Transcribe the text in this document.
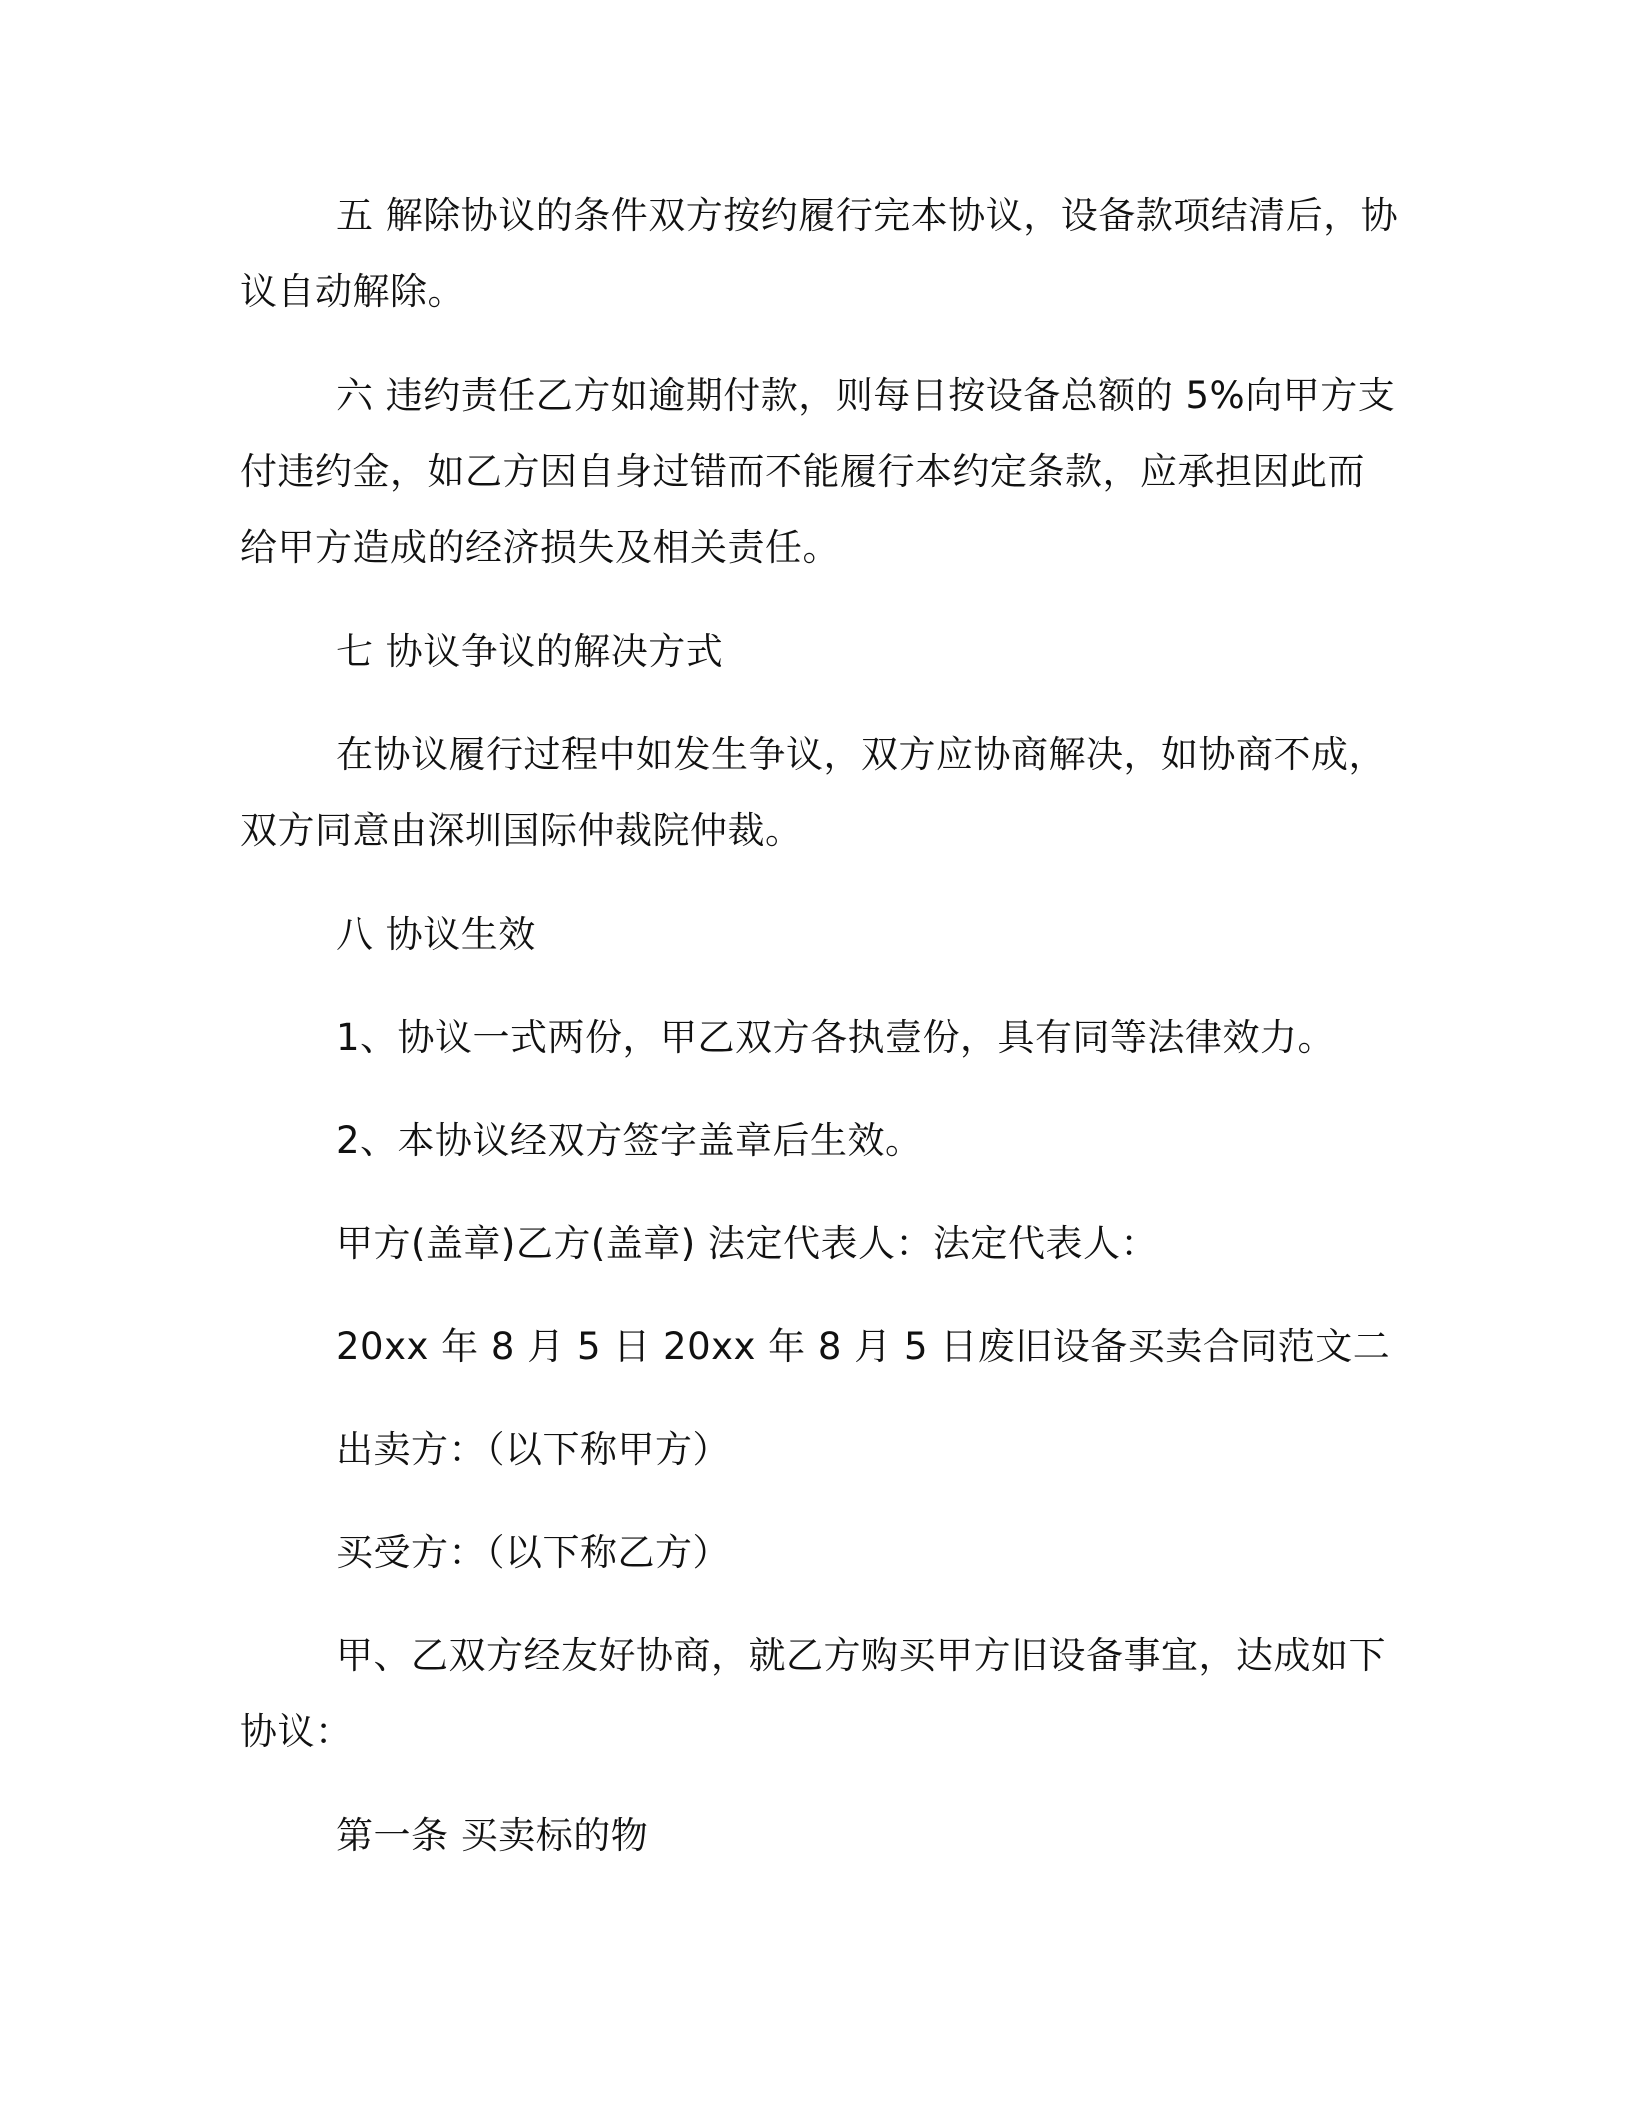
五 解除协议的条件双方按约履行完本协议，设备款项结清后，协
议自动解除。

六 违约责任乙方如逾期付款，则每日按设备总额的 5%向甲方支
付违约金，如乙方因自身过错而不能履行本约定条款，应承担因此而
给甲方造成的经济损失及相关责任。

七 协议争议的解决方式

在协议履行过程中如发生争议，双方应协商解决，如协商不成，
双方同意由深圳国际仲裁院仲裁。

八 协议生效

1、协议一式两份，甲乙双方各执壹份，具有同等法律效力。

2、本协议经双方签字盖章后生效。

甲方(盖章)乙方(盖章) 法定代表人：法定代表人：

20xx 年 8 月 5 日 20xx 年 8 月 5 日废旧设备买卖合同范文二

出卖方：（以下称甲方）

买受方：（以下称乙方）

甲、乙双方经友好协商，就乙方购买甲方旧设备事宜，达成如下
协议：

第一条 买卖标的物
